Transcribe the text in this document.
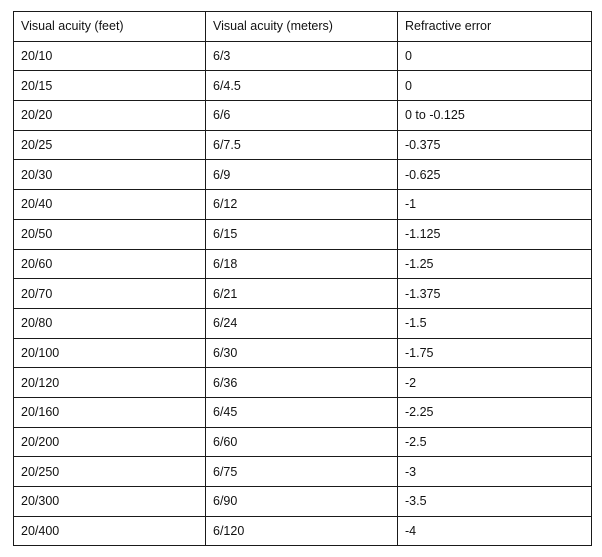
Visual acuity (feet)	Visual acuity (meters)	Refractive error
20/10	6/3	0
20/15	6/4.5	0
20/20	6/6	0 to -0.125
20/25	6/7.5	-0.375
20/30	6/9	-0.625
20/40	6/12	-1
20/50	6/15	-1.125
20/60	6/18	-1.25
20/70	6/21	-1.375
20/80	6/24	-1.5
20/100	6/30	-1.75
20/120	6/36	-2
20/160	6/45	-2.25
20/200	6/60	-2.5
20/250	6/75	-3
20/300	6/90	-3.5
20/400	6/120	-4
